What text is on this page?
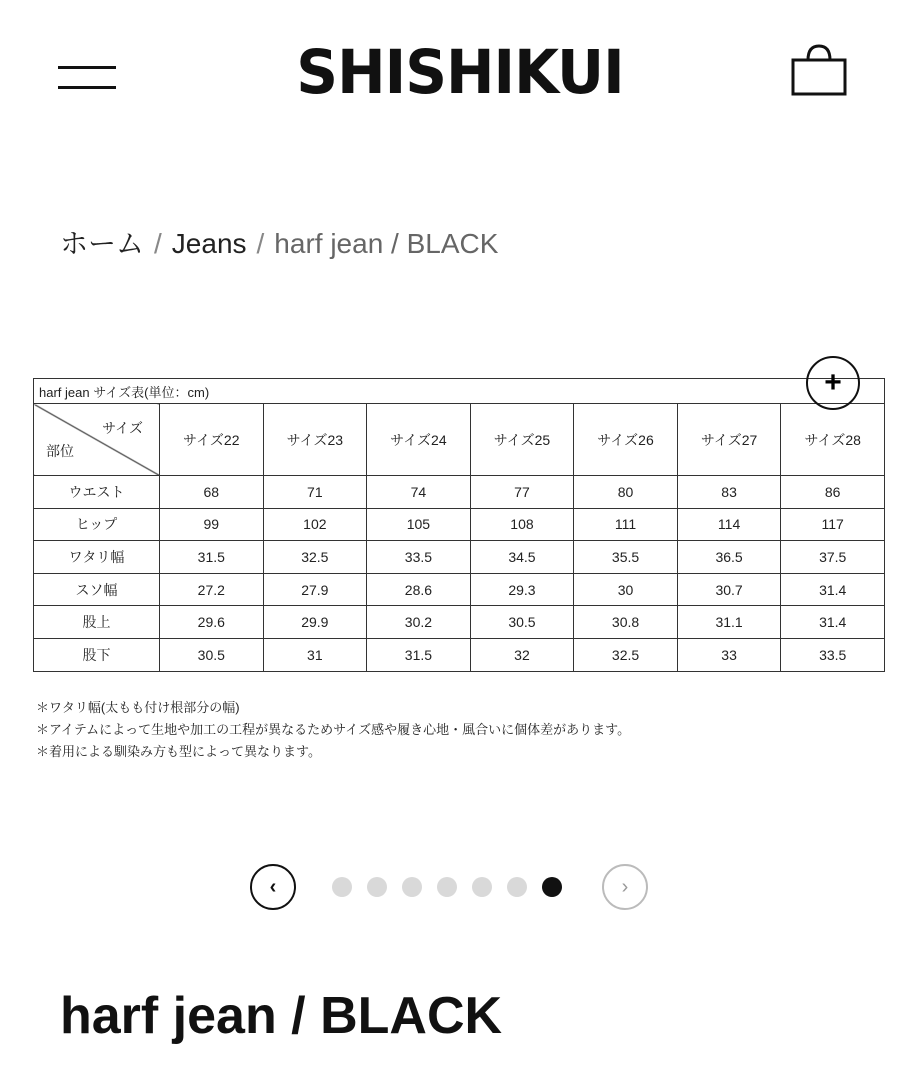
SHISHIKUI
ホーム / Jeans / harf jean / BLACK
harf jean サイズ表(単位：cm)							

サイズ
部位	サイズ22	サイズ23	サイズ24	サイズ25	サイズ26	サイズ27	サイズ28
ウエスト	68	71	74	77	80	83	86
ヒップ	99	102	105	108	111	114	117
ワタリ幅	31.5	32.5	33.5	34.5	35.5	36.5	37.5
スソ幅	27.2	27.9	28.6	29.3	30	30.7	31.4
股上	29.6	29.9	30.2	30.5	30.8	31.1	31.4
股下	30.5	31	31.5	32	32.5	33	33.5
+
＊ワタリ幅(太もも付け根部分の幅)
＊アイテムによって生地や加工の工程が異なるためサイズ感や履き心地・風合いに個体差があります。
＊着用による馴染み方も型によって異なります。
‹	›
harf jean / BLACK
